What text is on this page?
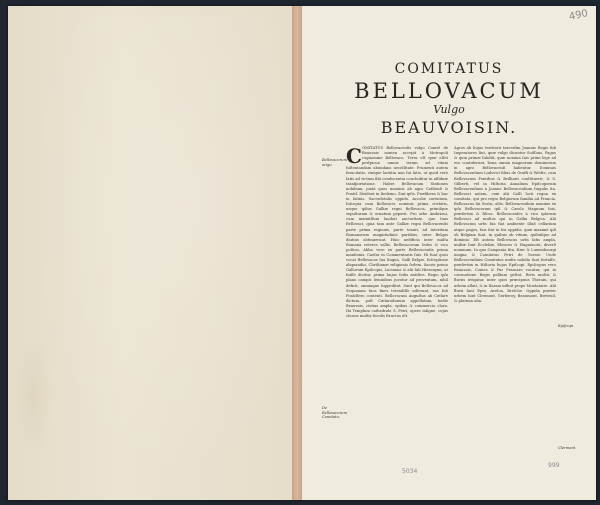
490
COMITATUS
BELLOVACUM
Vulgo
BEAUVOISIN.
Bellovacorum origo.
De Bellovacorum Comitatu.
Epiſcopi.
Clermont.
C OMITATUS Bellovacenſis vulgo Comté de Beauvais nomen accepit à Metropoli cognomine Bellovaco. Terra eſt quæ eſſet perſpicua omnis terum ad vitam ſuſtentandam abundans neceſſitate. Frumenti autem feracitatis, vinique laetitia non ſui ſatis, ut quod verò ſatis ad victum ſibi conducentia concluditur in aſſiduæ tranſportatione. Habet Bellovacum Stationes nobilium, juxtà quos nominis ab agro Catſienſi & Pontiſ. Strident in ſiedemo, Sint ipſis. Prælibera & hac in ſalinis. Sacerdotalis oppido. Accolæ inventum, ſuſcepta cum Bellovacis nominis prima civitatis, neque ipſius Galliæ regni Bellovacis, primiſque sepulturam & ornatum peperit. Pro orbe Ambrioni, cum mæniiſſum laudati auctoritate, quo ſuas Bellovaci, quia tam ante Galliæ regni Bellovacenſis parte prima regionis, parte tenuit, ad interitum Romanorum magnitudinis partibus, inter Belgas diutius obtinuerunt. Huic aedificia inter multa Romana veteres vallis. Bellovacorum ſedes & vico poſitos, Abba vero ex parte Bellovacenſis prima manſionis. Caeſar in Commentariis ſuis. Hi ſunt quos vocat Bellovacos ſua lingua, Galli Belgæ, ſuſceptione aliquandiu, Chriſtianæ religionis ſedem. Sacris primo Gallorum Epiſcopis, Lucianus & alii ſub Hieronymi, ut fuiſſe dicitur, prima hujus ſedis antiſtes. Regio ipſa plano campis ſeminibus juvatur ad proventum, nihil deficit, omniaque ſuppeditat. Sunt qui Bellovacos ad Sequanam ſuos fines tetendiſſe adſerant, nos ſub Pontiſſero contenti. Bellovacum Auguſtus ab Cæſare dictum, poſt Cæſarodunum appellatam, hodie Beauvais, civitas ampla, opibus & commercio clara. Ibi Templum cathedrale S. Petri, opere inſigne, cujus chorus multis ſeculis ſtructus eſt.

Agros ab hujus territorii traverſim Joannis Regis ſub Imperatores ſint, quæ vulgo dicuntur Soiſſons, Pagus & quia primæ ſubditi, quæ nomina ſuis primi lege ad eos contulerunt, bona omnia magnorum dominorum in agro Bellovacenſi habentur. Dominus Bellovacenſium Ludovici filius de Graffi & Wetſie, cum Bellovacum Pontibus & Brilliarii conſtituerit, & S. Gilberti, vel in Hiſtoria Annalium Epiſcoporum Bellovacenſium à Joanne Bellovacenſium ſingulis ita. Bellovaci autem, cum alii Caſſi locii regna ex comitatu, qui pro regio Belgiorum familia ad Francia. Bellovacus ſui Seriis, aliis. Bellovacenſium nominis ex ipſa Bellovacorum ipſi & Carolo Magnum ſuis, præſertim & fiſcus. Bellovacenſes à vico ipſorum Bellovaci ad multos qui in Gallia Belgica. Alii Bellovacum urbs ſua fiat ambiente illud cellarium atque pagos, ſuis ſint in his oppidis, quæ maximè ipſi ob Belgiam ſunt, in quibus ob vitium, quibuſque ad dominio. Eſt autem Bellovacus urbs ſatis ampla, multæ ſunt Eccleſiæ, Ebrores & Huguenotii, diverſi nominum. In quo Campania ſita. Hæc & Luxembourgi magna & Comitatus Petri de Gerais: Unde Bellovacenſium Comitatus multa nobilia ſunt fortaſſe, præſertim in Hiſtoria hujus Epiſcopi. Epiſcopus vero Beauvais, Comes & Par Franciae vocatur, qui in coronatione Regis pallium geſtat. Rivis multis & fluviis irrigatur, inter quos præcipuus Therain, qui urbem alluit, & in Iſaram influit prope Montataire. Alii fluvii ſunt Epte, Avelon, Breſche. Oppida præter urbem ſunt Clermont, Gerberoy, Beaumont, Breteuil, & plurima alia.

5034
999
